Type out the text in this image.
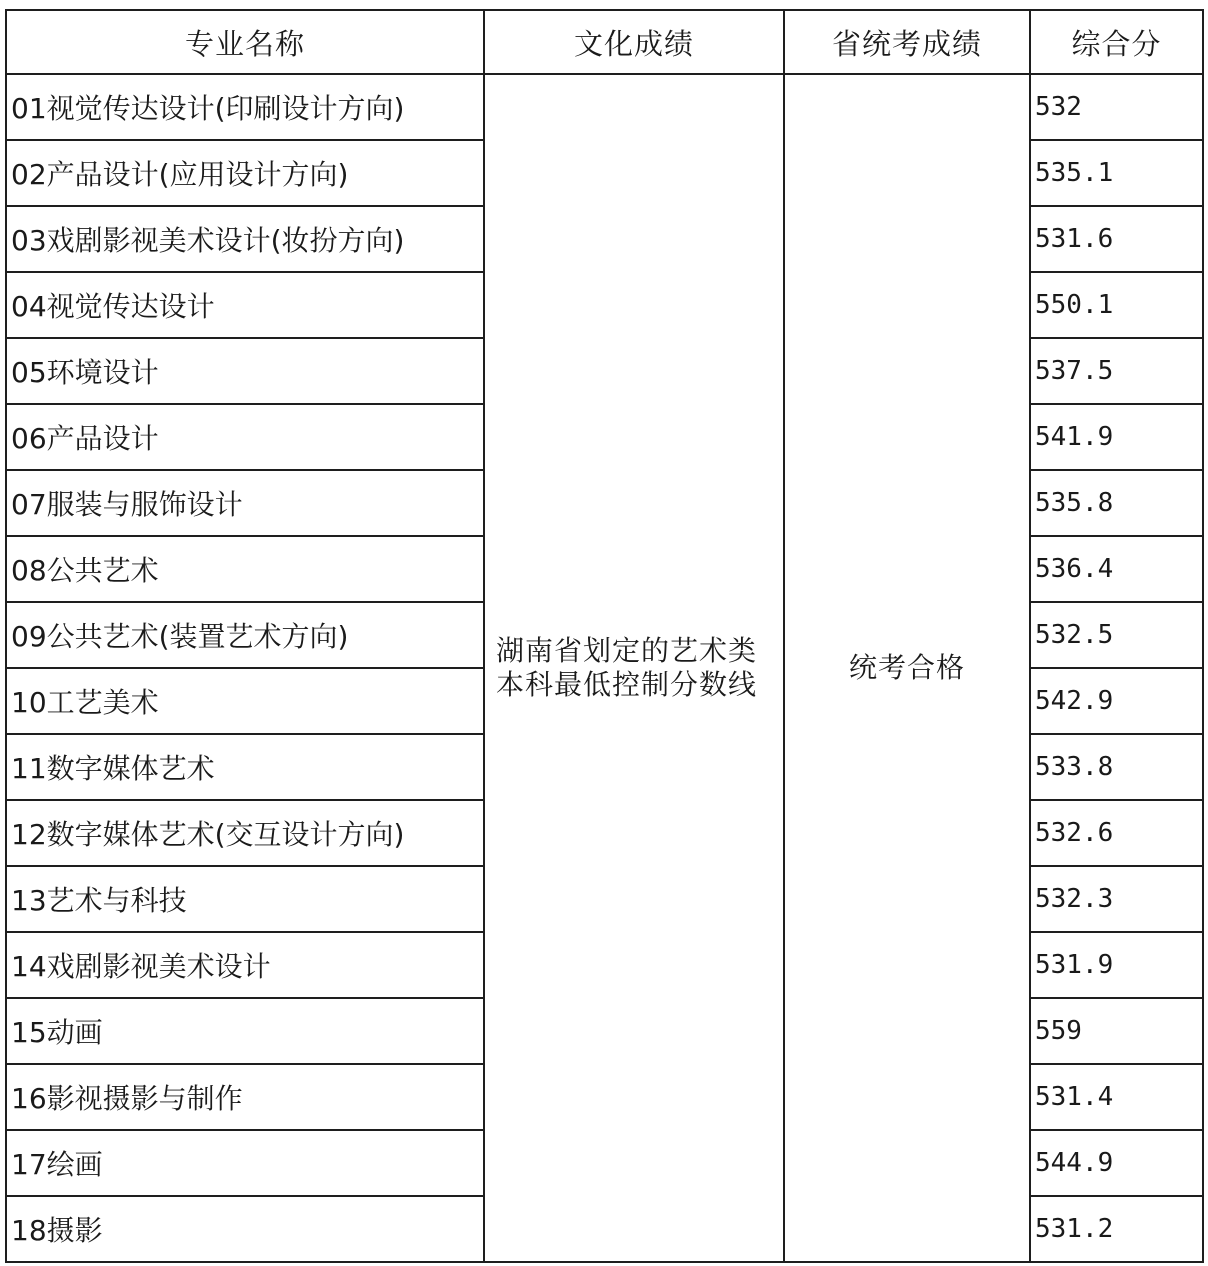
专业名称	文化成绩	省统考成绩	综合分
01视觉传达设计(印刷设计方向)	湖南省划定的艺术类本科最低控制分数线	统考合格	532
02产品设计(应用设计方向)			535.1
03戏剧影视美术设计(妆扮方向)			531.6
04视觉传达设计			550.1
05环境设计			537.5
06产品设计			541.9
07服装与服饰设计			535.8
08公共艺术			536.4
09公共艺术(装置艺术方向)			532.5
10工艺美术			542.9
11数字媒体艺术			533.8
12数字媒体艺术(交互设计方向)			532.6
13艺术与科技			532.3
14戏剧影视美术设计			531.9
15动画			559
16影视摄影与制作			531.4
17绘画			544.9
18摄影			531.2
